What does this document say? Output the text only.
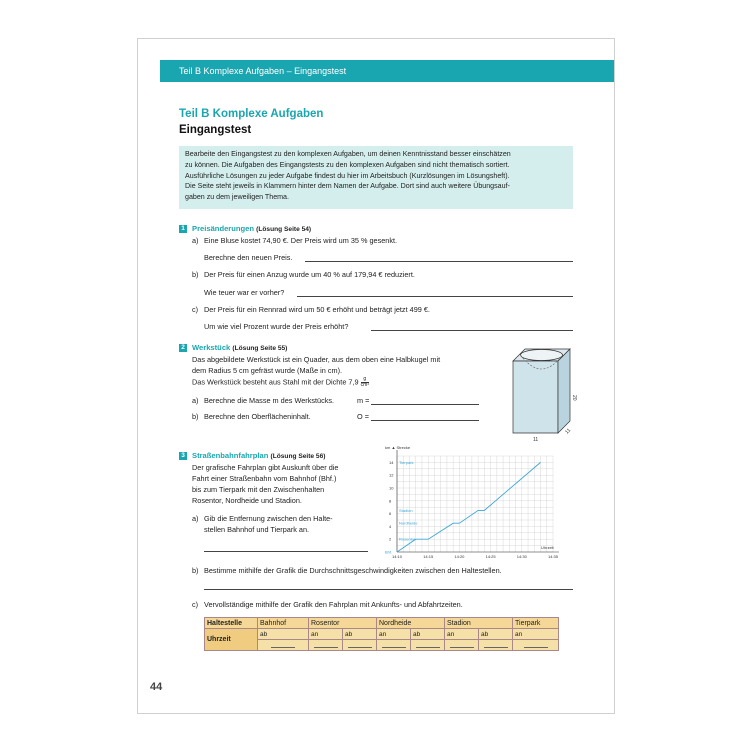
Teil B Komplexe Aufgaben – Eingangstest
Teil B Komplexe Aufgaben
Eingangstest
Bearbeite den Eingangstest zu den komplexen Aufgaben, um deinen Kenntnisstand besser einschätzen
zu können. Die Aufgaben des Eingangstests zu den komplexen Aufgaben sind nicht thematisch sortiert.
Ausführliche Lösungen zu jeder Aufgabe findest du hier im Arbeitsbuch (Kurzlösungen im Lösungsheft).
Die Seite steht jeweils in Klammern hinter dem Namen der Aufgabe. Dort sind auch weitere Übungsauf-
gaben zu dem jeweiligen Thema.
1 Preisänderungen (Lösung Seite 54)
a) Eine Bluse kostet 74,90 €. Der Preis wird um 35 % gesenkt.
Berechne den neuen Preis.
b) Der Preis für einen Anzug wurde um 40 % auf 179,94 € reduziert.
Wie teuer war er vorher?
c) Der Preis für ein Rennrad wird um 50 € erhöht und beträgt jetzt 499 €.
Um wie viel Prozent wurde der Preis erhöht?
2 Werkstück (Lösung Seite 55)
Das abgebildete Werkstück ist ein Quader, aus dem oben eine Halbkugel mit
dem Radius 5 cm gefräst wurde (Maße in cm).
Das Werkstück besteht aus Stahl mit der Dichte $7,9 \frac{g}{\text{cm³}}$
a) Berechne die Masse m des Werkstücks.	m =
b) Berechne den Oberflächeninhalt.	O =
20
11
11
3 Straßenbahnfahrplan (Lösung Seite 56)
Der grafische Fahrplan gibt Auskunft über die
Fahrt einer Straßenbahn vom Bahnhof (Bhf.)
bis zum Tierpark mit den Zwischenhalten
Rosentor, Nordheide und Stadion.
a) Gib die Entfernung zwischen den Halte-
stellen Bahnhof und Tierpark an.
km ▲ Strecke
Uhrzeit
14:10	14:15	14:20	14:25	14:30	14:35
2
4
6
8
10
12
14
Bhf.
Rosentor
Nordheide
Stadion
Tierpark
b) Bestimme mithilfe der Grafik die Durchschnittsgeschwindigkeiten zwischen den Haltestellen.
c) Vervollständige mithilfe der Grafik den Fahrplan mit Ankunfts- und Abfahrtzeiten.
Haltestelle	Bahnhof	Rosentor		Nordheide		Stadion		Tierpark
Uhrzeit	ab	an	ab	an	ab	an	ab	an

44
